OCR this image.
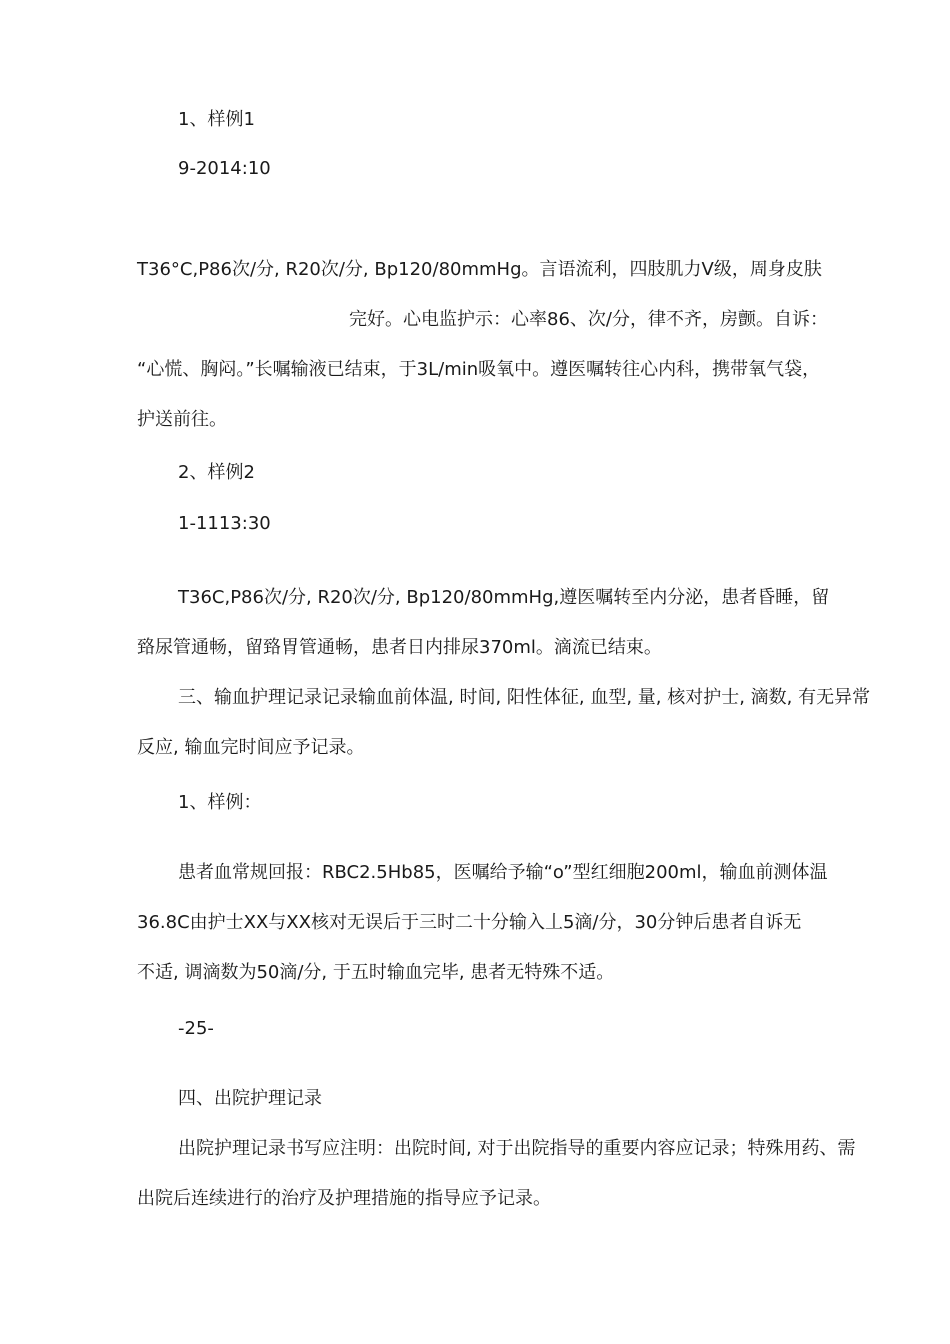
1、样例1
9-2014:10
T36°C,P86次/分, R20次/分, Bp120/80mmHg。言语流利，四肢肌力V级，周身皮肤
完好。心电监护示：心率86、次/分，律不齐，房颤。自诉：
“心慌、胸闷。”长嘱输液已结束，于3L/min吸氧中。遵医嘱转往心内科，携带氧气袋，
护送前往。
2、样例2
1-1113:30
T36C,P86次/分, R20次/分, Bp120/80mmHg,遵医嘱转至内分泌，患者昏睡，留
臵尿管通畅，留臵胃管通畅，患者日内排尿370ml。滴流已结束。
三、输血护理记录记录输血前体温, 时间, 阳性体征, 血型, 量, 核对护士, 滴数, 有无异常
反应, 输血完时间应予记录。
1、样例：
患者血常规回报：RBC2.5Hb85，医嘱给予输“o”型红细胞200ml，输血前测体温
36.8C由护士XX与XX核对无误后于三时二十分输入丄5滴/分，30分钟后患者自诉无
不适, 调滴数为50滴/分, 于五时输血完毕, 患者无特殊不适。
-25-
四、出院护理记录
出院护理记录书写应注明：出院时间, 对于出院指导的重要内容应记录；特殊用药、需
出院后连续进行的治疗及护理措施的指导应予记录。
